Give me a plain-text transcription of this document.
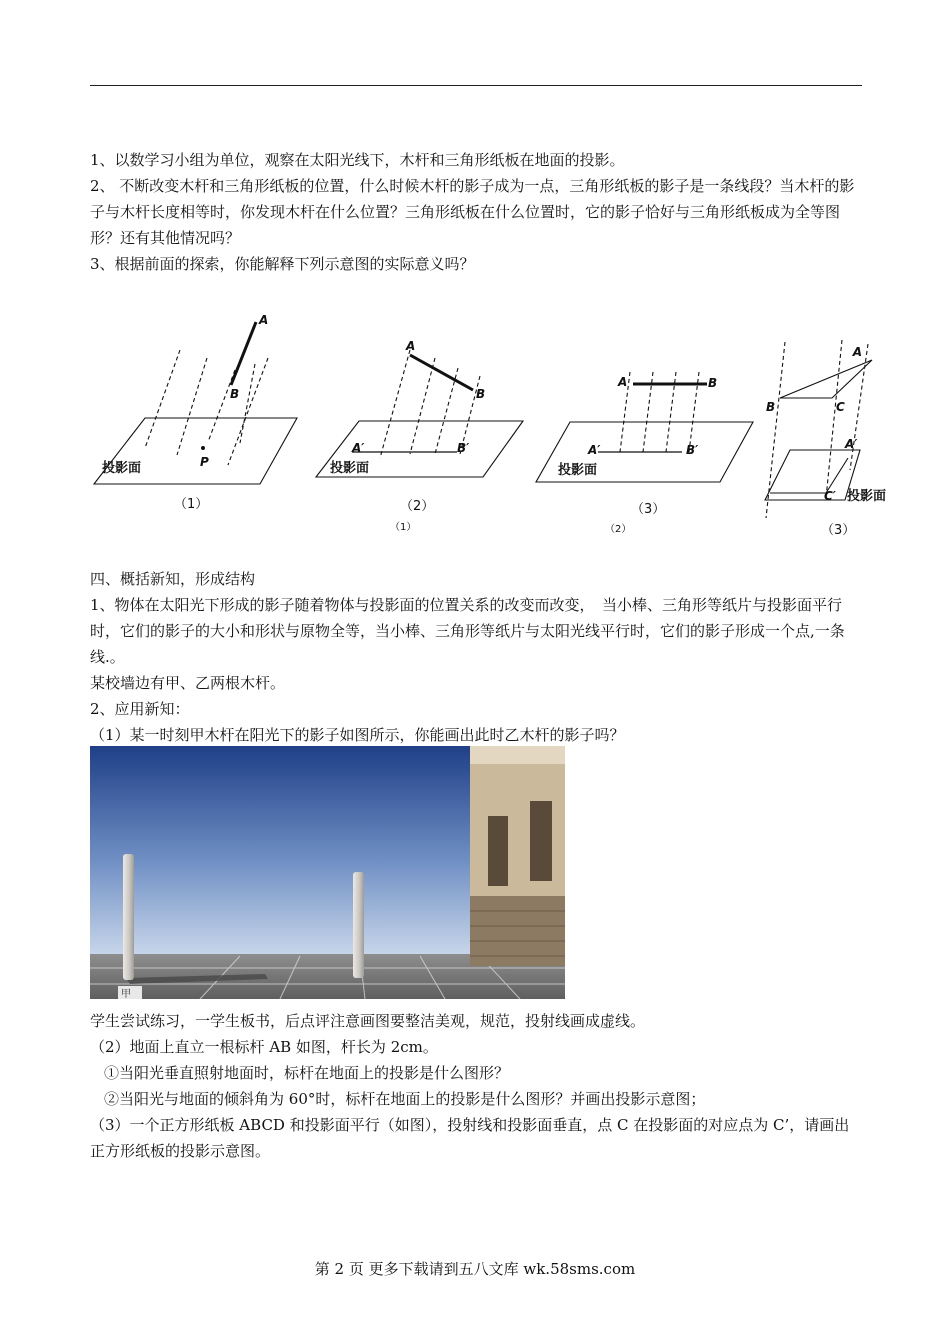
1、以数学习小组为单位，观察在太阳光线下，木杆和三角形纸板在地面的投影。

2、 不断改变木杆和三角形纸板的位置，什么时候木杆的影子成为一点，三角形纸板的影子是一条线段？当木杆的影子与木杆长度相等时，你发现木杆在什么位置？三角形纸板在什么位置时，它的影子恰好与三角形纸板成为全等图形？还有其他情况吗？

3、根据前面的探索，你能解释下列示意图的实际意义吗？

A
B
P
A
B
A′	B′
A	B
A′	B′
A
B	C
A′
C′
投影面	投影面	投影面
投影面
（1）	（2）	（3）
（3）
（1）	（2）

四、概括新知，形成结构

1、物体在太阳光下形成的影子随着物体与投影面的位置关系的改变而改变，　当小棒、三角形等纸片与投影面平行时，它们的影子的大小和形状与原物全等，当小棒、三角形等纸片与太阳光线平行时，它们的影子形成一个点,一条线.。

某校墙边有甲、乙两根木杆。

2、应用新知：

（1）某一时刻甲木杆在阳光下的影子如图所示，你能画出此时乙木杆的影子吗？

甲

学生尝试练习，一学生板书，后点评注意画图要整洁美观，规范，投射线画成虚线。

（2）地面上直立一根标杆 AB 如图，杆长为 2cm。

①当阳光垂直照射地面时，标杆在地面上的投影是什么图形？

②当阳光与地面的倾斜角为 60°时，标杆在地面上的投影是什么图形？并画出投影示意图；

（3）一个正方形纸板 ABCD 和投影面平行（如图），投射线和投影面垂直，点 C 在投影面的对应点为 C’，请画出正方形纸板的投影示意图。

第 2 页 更多下载请到五八文库 wk.58sms.com
